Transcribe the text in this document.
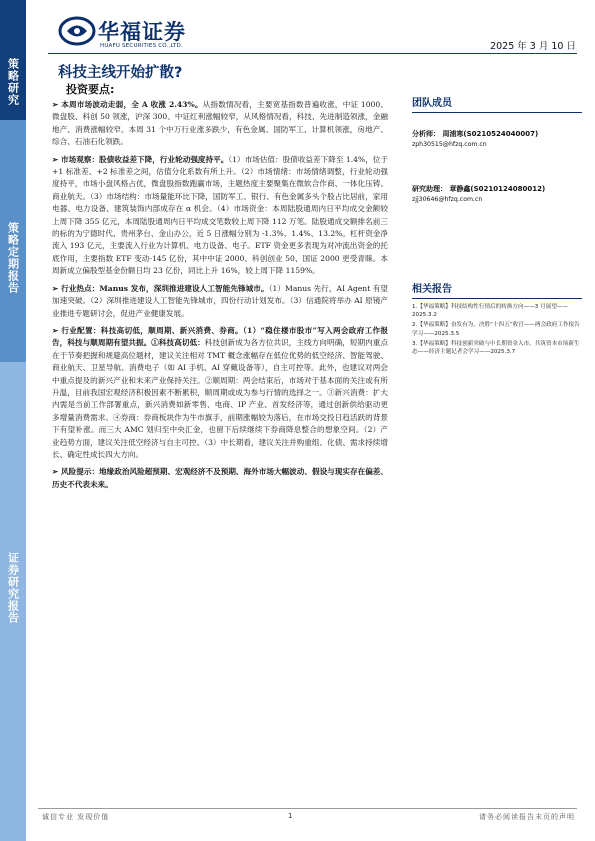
策略研究
策略定期报告
证券研究报告
华福证券
HUAFU SECURITIES CO.,LTD.	2025 年 3 月 10 日
科技主线开始扩散?
投资要点:

➢ 本周市场波动走弱，全 A 收涨 2.43%。从指数情况看，主要宽基指数普遍收涨，中证 1000、微盘股、科创 50 领涨，沪深 300、中证红利涨幅较窄，从风格情况看，科技、先进制造领涨，金融地产、消费涨幅较窄。本周 31 个中万行业涨多跌少，有色金属、国防军工、计算机领涨，房地产、综合、石油石化领跌。

➢ 市场观察：股债收益差下降，行业轮动强度持平。（1）市场估值：股债收益差下降至 1.4%，位于+1 标准差、+2 标准差之间，估值分化系数有所上升。（2）市场情绪：市场情绪调整，行业轮动强度持平，市场小盘风格占优，微盘股指数跑赢市场，主题热度主要聚集在微软合作商、一体化压铸、商业航天。（3）市场结构：市场量能环比下降，国防军工、银行、有色金属多头个股占比居前，家用电器、电力设备、建筑装饰内部成存在 α 机会。（4）市场资金：本周陆股通周内日平均成交金额较上周下降 355 亿元，本周陆股通周内日平均成交笔数较上周下降 112 万笔。陆股通成交额排名前三的标的为宁德时代、贵州茅台、金山办公，近 5 日涨幅分别为 -1.3%、1.4%、13.2%。杠杆资金净流入 193 亿元，主要流入行业为计算机、电力设备、电子。ETF 资金更多表现为对冲流出资金的托底作用，主要指数 ETF 变动-145 亿份，其中中证 2000、科创创业 50、国证 2000 更受青睐。本周新成立偏股型基金份额日均 23 亿份，同比上升 16%，较上周下降 1159%。

➢ 行业热点：Manus 发布，深圳推进建设人工智能先锋城市。（1）Manus 先行，AI Agent 有望加速突破。（2）深圳推进建设人工智能先锋城市，四份行动计划发布。（3）信通院将举办 AI 原镜产业推进专题研讨会，促进产业健康发展。

➢ 行业配置：科技高切低，顺周期、新兴消费、券商。（1）“稳住楼市股市”写入两会政府工作报告，科技与顺周期有望共振。①科技高切低：科技创新成为各方位共识，主线方向明确，短期内重点在于节奏把握和规避高位题材，建议关注相对 TMT 概念涨幅存在低位优势的低空经济、智能驾驶、商业航天、卫星导航、消费电子（如 AI 手机、AI 穿戴设备等），自主可控等。此外，也建议对两会中重点提及的新兴产业和未来产业保持关注。②顺周期：两会结束后，市场对于基本面的关注或有所升温，目前我国宏观经济积极因素不断累积，顺周期或成为参与行情的选择之一。③新兴消费：扩大内需是当前工作部署重点，新兴消费如新零售、电商、IP 产业、首发经济等，通过创新供给驱动更多增量消费需求。④券商：券商板块作为牛市旗手，前期涨幅较为落后，在市场交投日趋活跃的背景下有望补涨。而三大 AMC 划归至中央汇金，也留下后续继续下券商降息整合的想象空间。（2）产业趋势方面，建议关注低空经济与自主可控。（3）中长期看，建议关注并购重组、化债、需求持续增长、确定性成长四大方向。

➢ 风险提示：地缘政治风险超预期、宏观经济不及预期、海外市场大幅波动、假设与现实存在偏差、历史不代表未来。

团队成员
分析师： 周浦寒(S0210524040007)
zph30515@hfzq.com.cn
研究助理： 章静鑫(S0210124080012)
zjj30646@hfzq.com.cn
相关报告
1.【华福策略】科技结构性行情后的转换方向——3 月展望——2025.3.2
2.【华福策略】奋发有为，决胜“十四五”收官——两会政府工作报告学习——2025.3.5
3.【华福策略】科技创新突破与中长期资金入市，共筑资本市场新生态——经济主题记者会学习——2025.3.7
诚信专业 发现价值	1	请务必阅读报告末页的声明
